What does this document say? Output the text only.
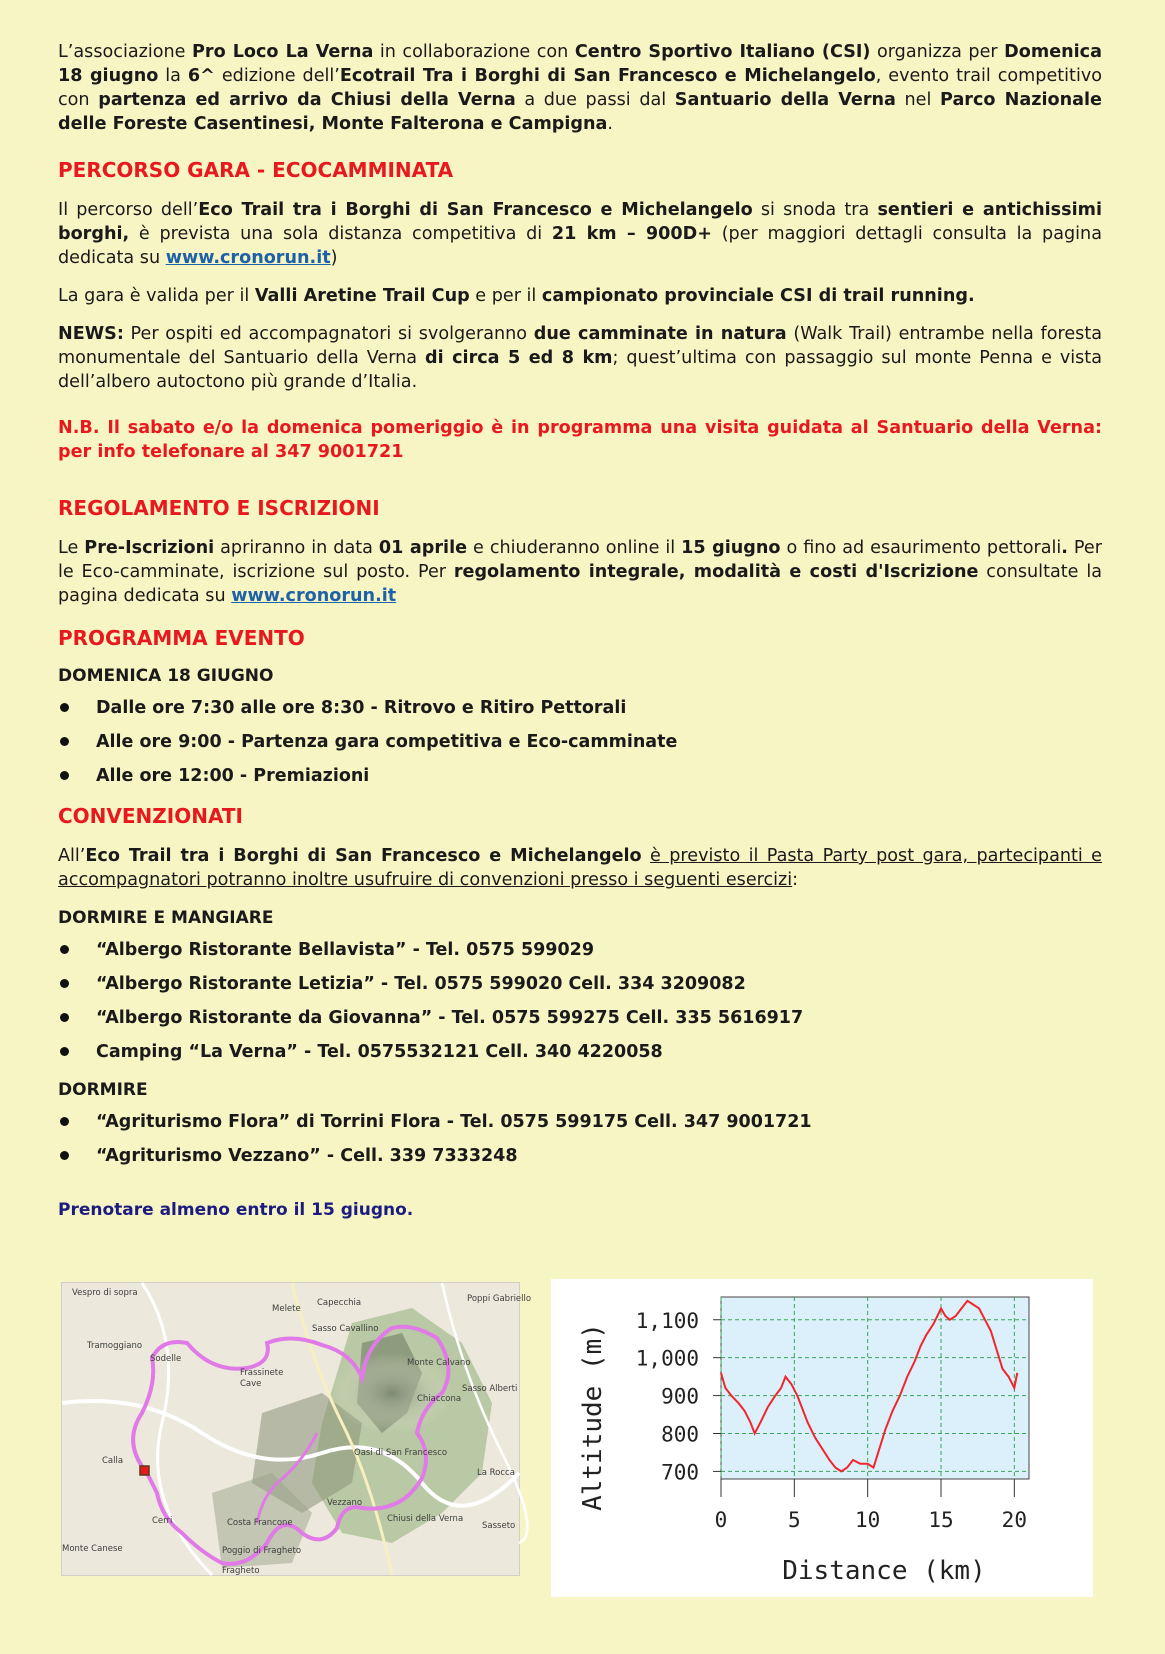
L’associazione Pro Loco La Verna in collaborazione con Centro Sportivo Italiano (CSI) organizza per Domenica 18 giugno la 6^ edizione dell’Ecotrail Tra i Borghi di San Francesco e Michelangelo, evento trail competitivo con partenza ed arrivo da Chiusi della Verna a due passi dal Santuario della Verna nel Parco Nazionale delle Foreste Casentinesi, Monte Falterona e Campigna.

PERCORSO GARA - ECOCAMMINATA

Il percorso dell’Eco Trail tra i Borghi di San Francesco e Michelangelo si snoda tra sentieri e antichissimi borghi, è prevista una sola distanza competitiva di 21 km – 900D+ (per maggiori dettagli consulta la pagina dedicata su www.cronorun.it)

La gara è valida per il Valli Aretine Trail Cup e per il campionato provinciale CSI di trail running.

NEWS: Per ospiti ed accompagnatori si svolgeranno due camminate in natura (Walk Trail) entrambe nella foresta monumentale del Santuario della Verna di circa 5 ed 8 km; quest’ultima con passaggio sul monte Penna e vista dell’albero autoctono più grande d’Italia.

N.B. Il sabato e/o la domenica pomeriggio è in programma una visita guidata al Santuario della Verna: per info telefonare al 347 9001721

REGOLAMENTO E ISCRIZIONI

Le Pre-Iscrizioni apriranno in data 01 aprile e chiuderanno online il 15 giugno o fino ad esaurimento pettorali. Per le Eco-camminate, iscrizione sul posto. Per regolamento integrale, modalità e costi d'Iscrizione consultate la pagina dedicata su www.cronorun.it

PROGRAMMA EVENTO

DOMENICA 18 GIUGNO

Dalle ore 7:30 alle ore 8:30 - Ritrovo e Ritiro Pettorali
Alle ore 9:00 - Partenza gara competitiva e Eco-camminate
Alle ore 12:00 - Premiazioni
CONVENZIONATI

All’Eco Trail tra i Borghi di San Francesco e Michelangelo è previsto il Pasta Party post gara, partecipanti e accompagnatori potranno inoltre usufruire di convenzioni presso i seguenti esercizi:

DORMIRE E MANGIARE

“Albergo Ristorante Bellavista” - Tel. 0575 599029
“Albergo Ristorante Letizia” - Tel. 0575 599020 Cell. 334 3209082
“Albergo Ristorante da Giovanna” - Tel. 0575 599275 Cell. 335 5616917
Camping “La Verna” - Tel. 0575532121 Cell. 340 4220058

DORMIRE

“Agriturismo Flora” di Torrini Flora - Tel. 0575 599175 Cell. 347 9001721
“Agriturismo Vezzano” - Cell. 339 7333248

Prenotare almeno entro il 15 giugno.

Vespro di sopra
Melete
Capecchia
Sasso Cavallino
Poppi Gabriello
Tramoggiano
Sodelle
Frassinete
Cave
Monte Calvano
Chiaccona
Sasso Alberti
Calla
Oasi di San Francesco
La Rocca
Vezzano
Chiusi della Verna
Cerri	Costa Francone	Sasseto
Monte Canese	Poggio di Fragheto
Fragheto
700
800
900
1,000
1,100
0	5	10 15 20
Altitude (m)
Distance (km)
